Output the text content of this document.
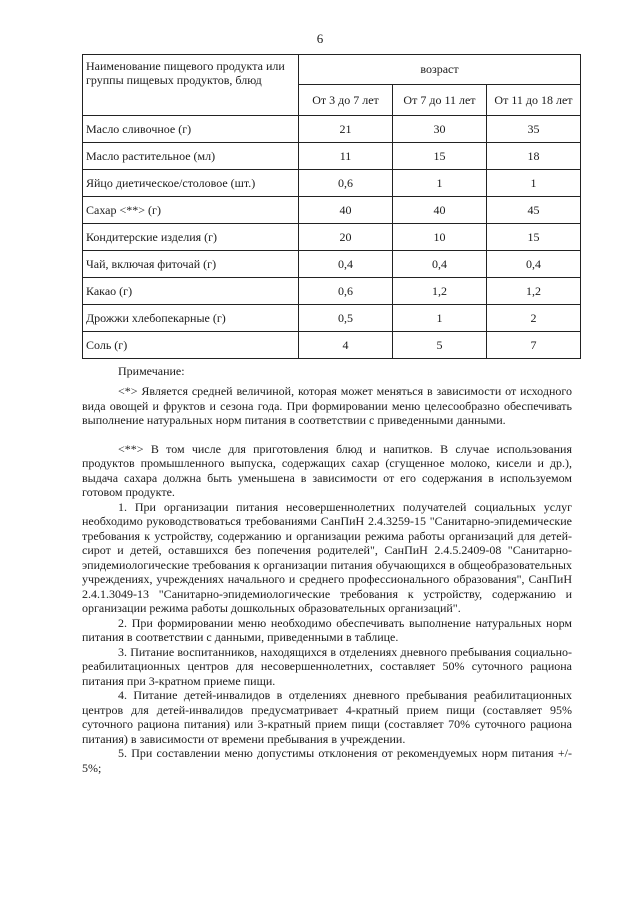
6
Наименование пищевого продукта или группы пищевых продуктов, блюд	возраст		
	От 3 до 7 лет	От 7 до 11 лет	От 11 до 18 лет
Масло сливочное (г)	21	30	35
Масло растительное (мл)	11	15	18
Яйцо диетическое/столовое (шт.)	0,6	1	1
Сахар <**> (г)	40	40	45
Кондитерские изделия (г)	20	10	15
Чай, включая фиточай (г)	0,4	0,4	0,4
Какао (г)	0,6	1,2	1,2
Дрожжи хлебопекарные (г)	0,5	1	2
Соль (г)	4	5	7
Примечание:

<*> Является средней величиной, которая может меняться в зависимости от исходного вида овощей и фруктов и сезона года. При формировании меню целесообразно обеспечивать выполнение натуральных норм питания в соответствии с приведенными данными.

<**> В том числе для приготовления блюд и напитков. В случае использования продуктов промышленного выпуска, содержащих сахар (сгущенное молоко, кисели и др.), выдача сахара должна быть уменьшена в зависимости от его содержания в используемом готовом продукте.

1. При организации питания несовершеннолетних получателей социальных услуг необходимо руководствоваться требованиями СанПиН 2.4.3259-15 "Санитарно-эпидемические требования к устройству, содержанию и организации режима работы организаций для детей-сирот и детей, оставшихся без попечения родителей", СанПиН 2.4.5.2409-08 "Санитарно-эпидемиологические требования к организации питания обучающихся в общеобразовательных учреждениях, учреждениях начального и среднего профессионального образования", СанПиН 2.4.1.3049-13 "Санитарно-эпидемиологические требования к устройству, содержанию и организации режима работы дошкольных образовательных организаций".

2. При формировании меню необходимо обеспечивать выполнение натуральных норм питания в соответствии с данными, приведенными в таблице.

3. Питание воспитанников, находящихся в отделениях дневного пребывания социально-реабилитационных центров для несовершеннолетних, составляет 50% суточного рациона питания при 3-кратном приеме пищи.

4. Питание детей-инвалидов в отделениях дневного пребывания реабилитационных центров для детей-инвалидов предусматривает 4-кратный прием пищи (составляет 95% суточного рациона питания) или 3-кратный прием пищи (составляет 70% суточного рациона питания) в зависимости от времени пребывания в учреждении.

5. При составлении меню допустимы отклонения от рекомендуемых норм питания +/- 5%;
